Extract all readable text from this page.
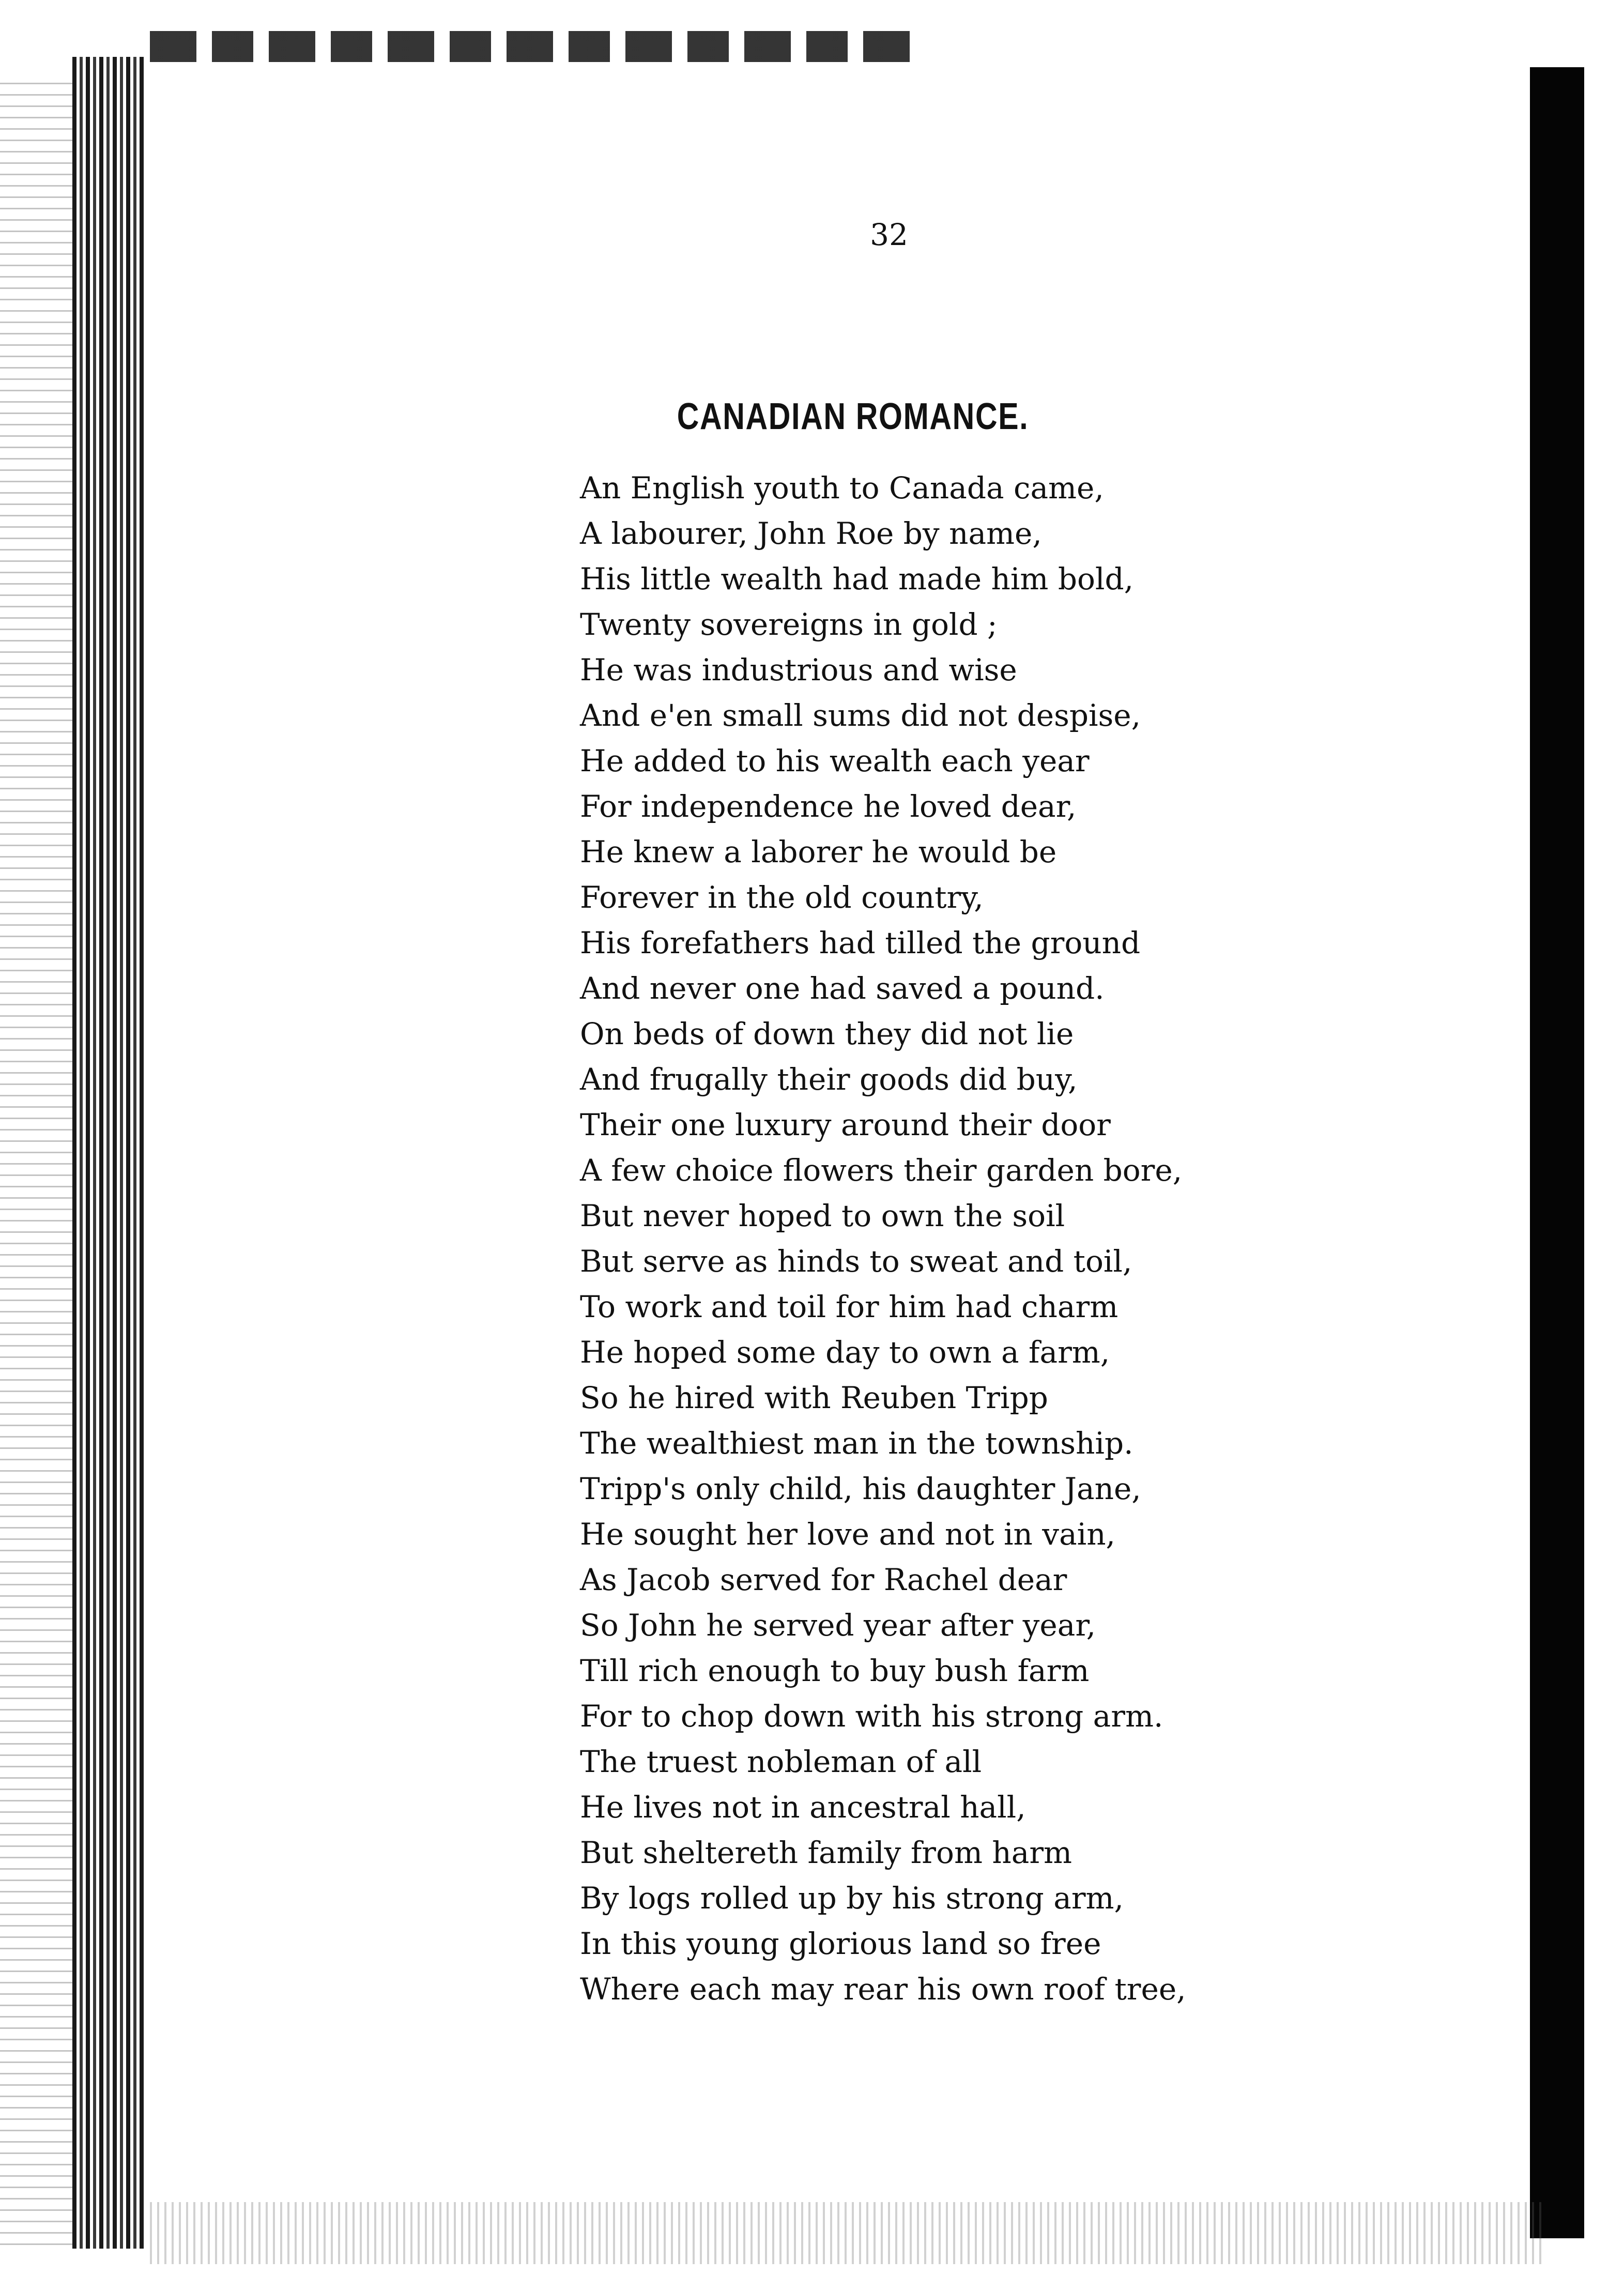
32
CANADIAN ROMANCE.
An English youth to Canada came,
A labourer, John Roe by name,
His little wealth had made him bold,
Twenty sovereigns in gold ;
He was industrious and wise
And e'en small sums did not despise,
He added to his wealth each year
For independence he loved dear,
He knew a laborer he would be
Forever in the old country,
His forefathers had tilled the ground
And never one had saved a pound.
On beds of down they did not lie
And frugally their goods did buy,
Their one luxury around their door
A few choice flowers their garden bore,
But never hoped to own the soil
But serve as hinds to sweat and toil,
To work and toil for him had charm
He hoped some day to own a farm,
So he hired with Reuben Tripp
The wealthiest man in the township.
Tripp's only child, his daughter Jane,
He sought her love and not in vain,
As Jacob served for Rachel dear
So John he served year after year,
Till rich enough to buy bush farm
For to chop down with his strong arm.
The truest nobleman of all
He lives not in ancestral hall,
But sheltereth family from harm
By logs rolled up by his strong arm,
In this young glorious land so free
Where each may rear his own roof tree,
